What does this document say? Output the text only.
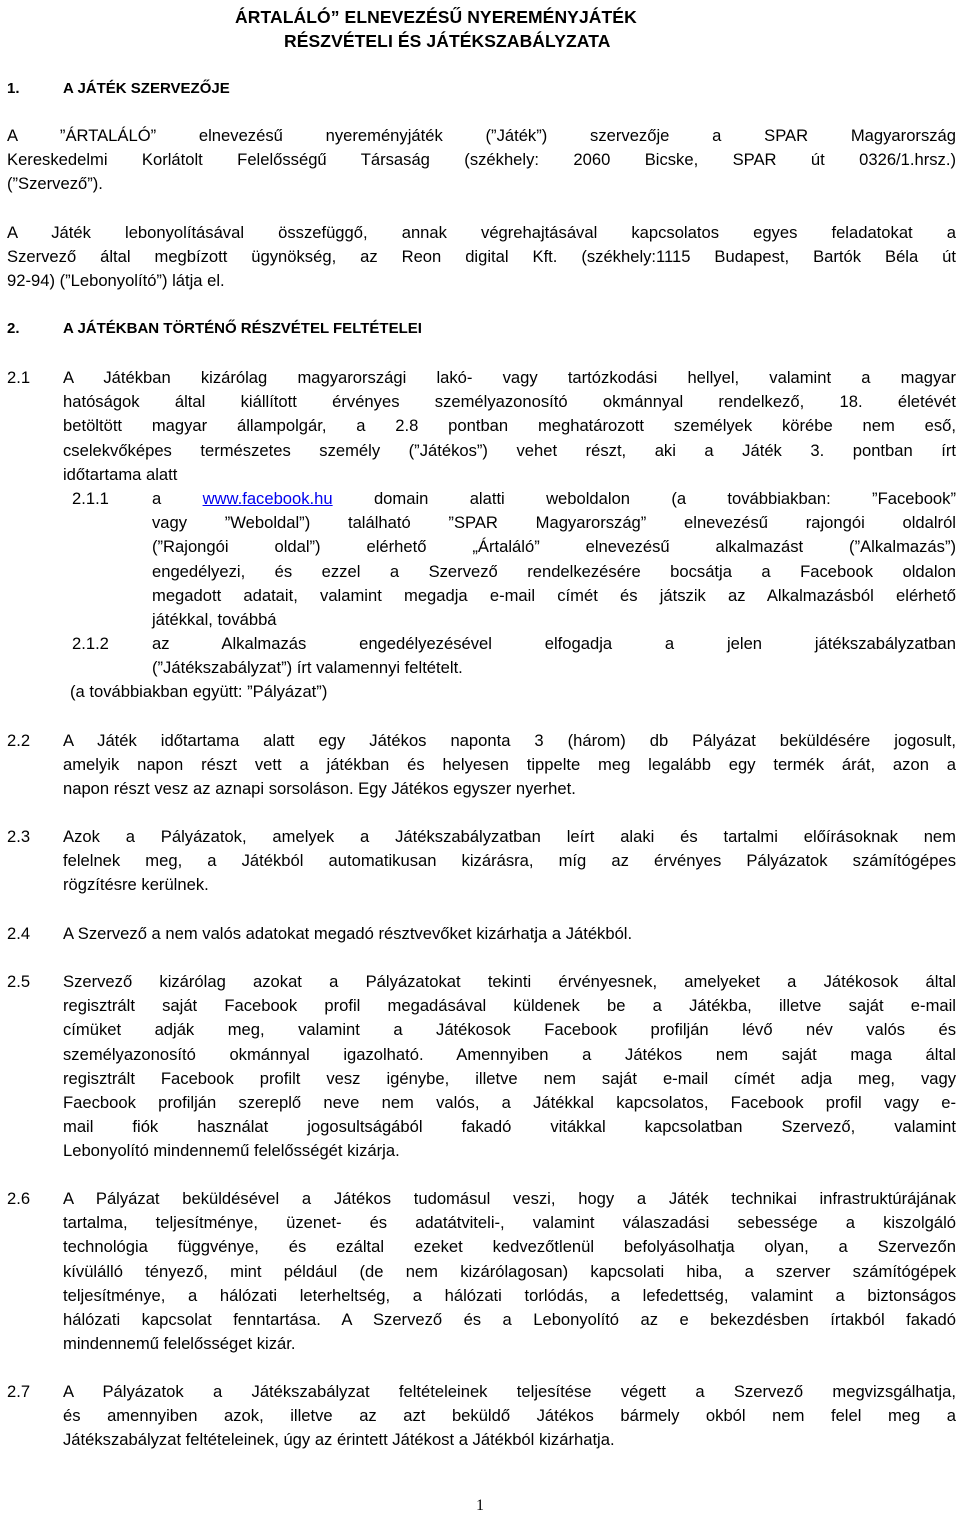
ÁRTALÁLÓ” ELNEVEZÉSŰ NYEREMÉNYJÁTÉK
RÉSZVÉTELI ÉS JÁTÉKSZABÁLYZATA
1.	A JÁTÉK SZERVEZŐJE

A ”ÁRTALÁLÓ” elnevezésű nyereményjáték (”Játék”) szervezője a SPAR Magyarország

Kereskedelmi Korlátolt Felelősségű Társaság (székhely: 2060 Bicske, SPAR út 0326/1.hrsz.)

(”Szervező”).

A Játék lebonyolításával összefüggő, annak végrehajtásával kapcsolatos egyes feladatokat a

Szervező által megbízott ügynökség, az Reon digital Kft. (székhely:1115 Budapest, Bartók Béla út

92-94) (”Lebonyolító”) látja el.

2.	A JÁTÉKBAN TÖRTÉNŐ RÉSZVÉTEL FELTÉTELEI
2.1 A Játékban kizárólag magyarországi lakó- vagy tartózkodási hellyel, valamint a magyar

hatóságok által kiállított érvényes személyazonosító okmánnyal rendelkező, 18. életévét

betöltött magyar állampolgár, a 2.8 pontban meghatározott személyek körébe nem eső,

cselekvőképes természetes személy (”Játékos”) vehet részt, aki a Játék 3. pontban írt

időtartama alatt

2.1.1	a www.facebook.hu domain alatti weboldalon (a továbbiakban: ”Facebook”

vagy ”Weboldal”) található ”SPAR Magyarország” elnevezésű rajongói oldalról

(”Rajongói oldal”) elérhető „Ártaláló” elnevezésű alkalmazást (”Alkalmazás”)

engedélyezi, és ezzel a Szervező rendelkezésére bocsátja a Facebook oldalon

megadott adatait, valamint megadja e-mail címét és játszik az Alkalmazásból elérhető

játékkal, továbbá

2.1.2	az Alkalmazás engedélyezésével elfogadja a jelen játékszabályzatban

(”Játékszabályzat”) írt valamennyi feltételt.

(a továbbiakban együtt: ”Pályázat”)

2.2 A Játék időtartama alatt egy Játékos naponta 3 (három) db Pályázat beküldésére jogosult,

amelyik napon részt vett a játékban és helyesen tippelte meg legalább egy termék árát, azon a

napon részt vesz az aznapi sorsoláson. Egy Játékos egyszer nyerhet.

2.3 Azok a Pályázatok, amelyek a Játékszabályzatban leírt alaki és tartalmi előírásoknak nem

felelnek meg, a Játékból automatikusan kizárásra, míg az érvényes Pályázatok számítógépes

rögzítésre kerülnek.

2.4 A Szervező a nem valós adatokat megadó résztvevőket kizárhatja a Játékból.

2.5 Szervező kizárólag azokat a Pályázatokat tekinti érvényesnek, amelyeket a Játékosok által

regisztrált saját Facebook profil megadásával küldenek be a Játékba, illetve saját e-mail

címüket adják meg, valamint a Játékosok Facebook profilján lévő név valós és

személyazonosító okmánnyal igazolható. Amennyiben a Játékos nem saját maga által

regisztrált Facebook profilt vesz igénybe, illetve nem saját e-mail címét adja meg, vagy

Faecbook profilján szereplő neve nem valós, a Játékkal kapcsolatos, Facebook profil vagy e-

mail fiók használat jogosultságából fakadó vitákkal kapcsolatban Szervező, valamint

Lebonyolító mindennemű felelősségét kizárja.

2.6 A Pályázat beküldésével a Játékos tudomásul veszi, hogy a Játék technikai infrastruktúrájának

tartalma, teljesítménye, üzenet- és adatátviteli-, valamint válaszadási sebessége a kiszolgáló

technológia függvénye, és ezáltal ezeket kedvezőtlenül befolyásolhatja olyan, a Szervezőn

kívülálló tényező, mint például (de nem kizárólagosan) kapcsolati hiba, a szerver számítógépek

teljesítménye, a hálózati leterheltség, a hálózati torlódás, a lefedettség, valamint a biztonságos

hálózati kapcsolat fenntartása. A Szervező és a Lebonyolító az e bekezdésben írtakból fakadó

mindennemű felelősséget kizár.

2.7 A Pályázatok a Játékszabályzat feltételeinek teljesítése végett a Szervező megvizsgálhatja,

és amennyiben azok, illetve az azt beküldő Játékos bármely okból nem felel meg a

Játékszabályzat feltételeinek, úgy az érintett Játékost a Játékból kizárhatja.

1
